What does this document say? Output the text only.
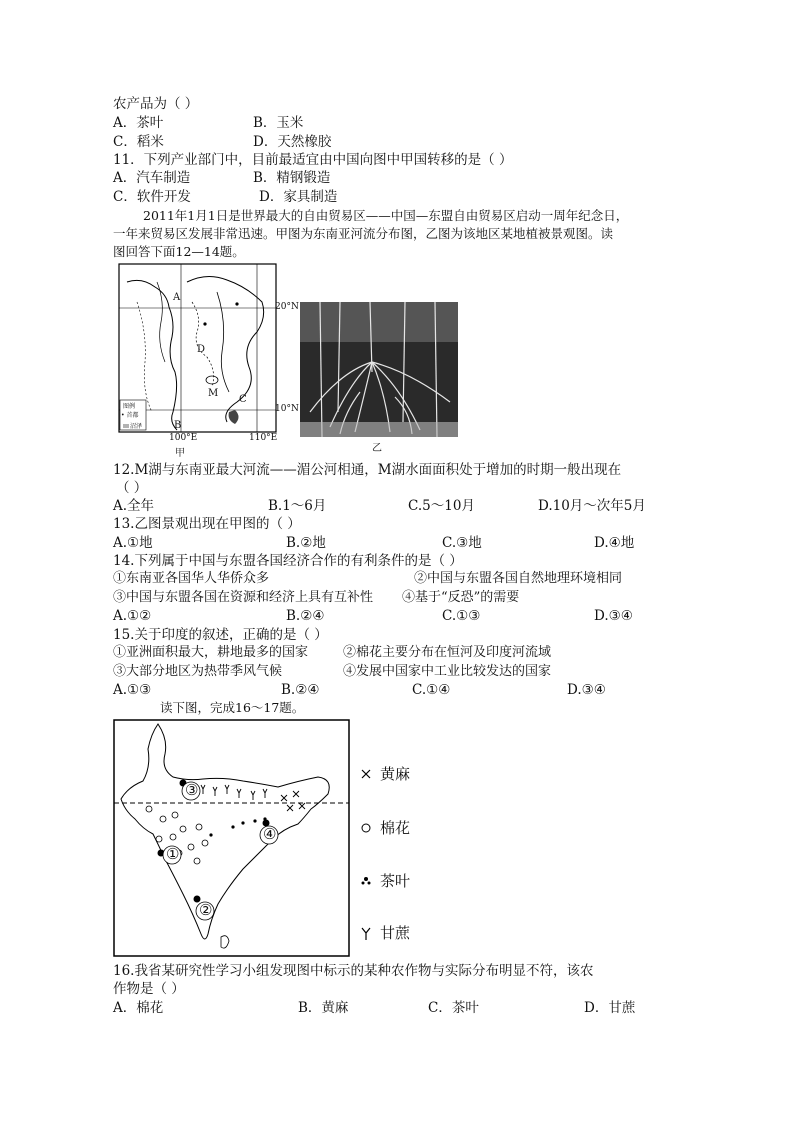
农产品为（ ）
A．茶叶	B．玉米
C．稻米	D．天然橡胶
11．下列产业部门中，目前最适宜由中国向图中甲国转移的是（ ）
A．汽车制造	B．精钢锻造
C．软件开发	D．家具制造
2011年1月1日是世界最大的自由贸易区——中国—东盟自由贸易区启动一周年纪念日，
一年来贸易区发展非常迅速。甲图为东南亚河流分布图，乙图为该地区某地植被景观图。读
图回答下面12—14题。
A
D
C
M
B
20°N
10°N
100°E	110°E
图例
• 首都
沼泽
甲	乙
12.M湖与东南亚最大河流——湄公河相通，M湖水面面积处于增加的时期一般出现在
（ ）
A.全年	B.1～6月	C.5～10月	D.10月～次年5月
13.乙图景观出现在甲图的（ ）
A.①地	B.②地	C.③地	D.④地
14.下列属于中国与东盟各国经济合作的有利条件的是（ ）
①东南亚各国华人华侨众多	②中国与东盟各国自然地理环境相同
③中国与东盟各国在资源和经济上具有互补性 ④基于“反恐”的需要
A.①②	B.②④	C.①③	D.③④
15.关于印度的叙述，正确的是（ ）
①亚洲面积最大，耕地最多的国家	②棉花主要分布在恒河及印度河流域
③大部分地区为热带季风气候	④发展中国家中工业比较发达的国家
A.①③	B.②④	C.①④	D.③④
读下图，完成16～17题。
③
④
①
②
黄麻
棉花
茶叶
甘蔗
16.我省某研究性学习小组发现图中标示的某种农作物与实际分布明显不符，该农
作物是（ ）
A．棉花	B．黄麻	C．茶叶	D．甘蔗
